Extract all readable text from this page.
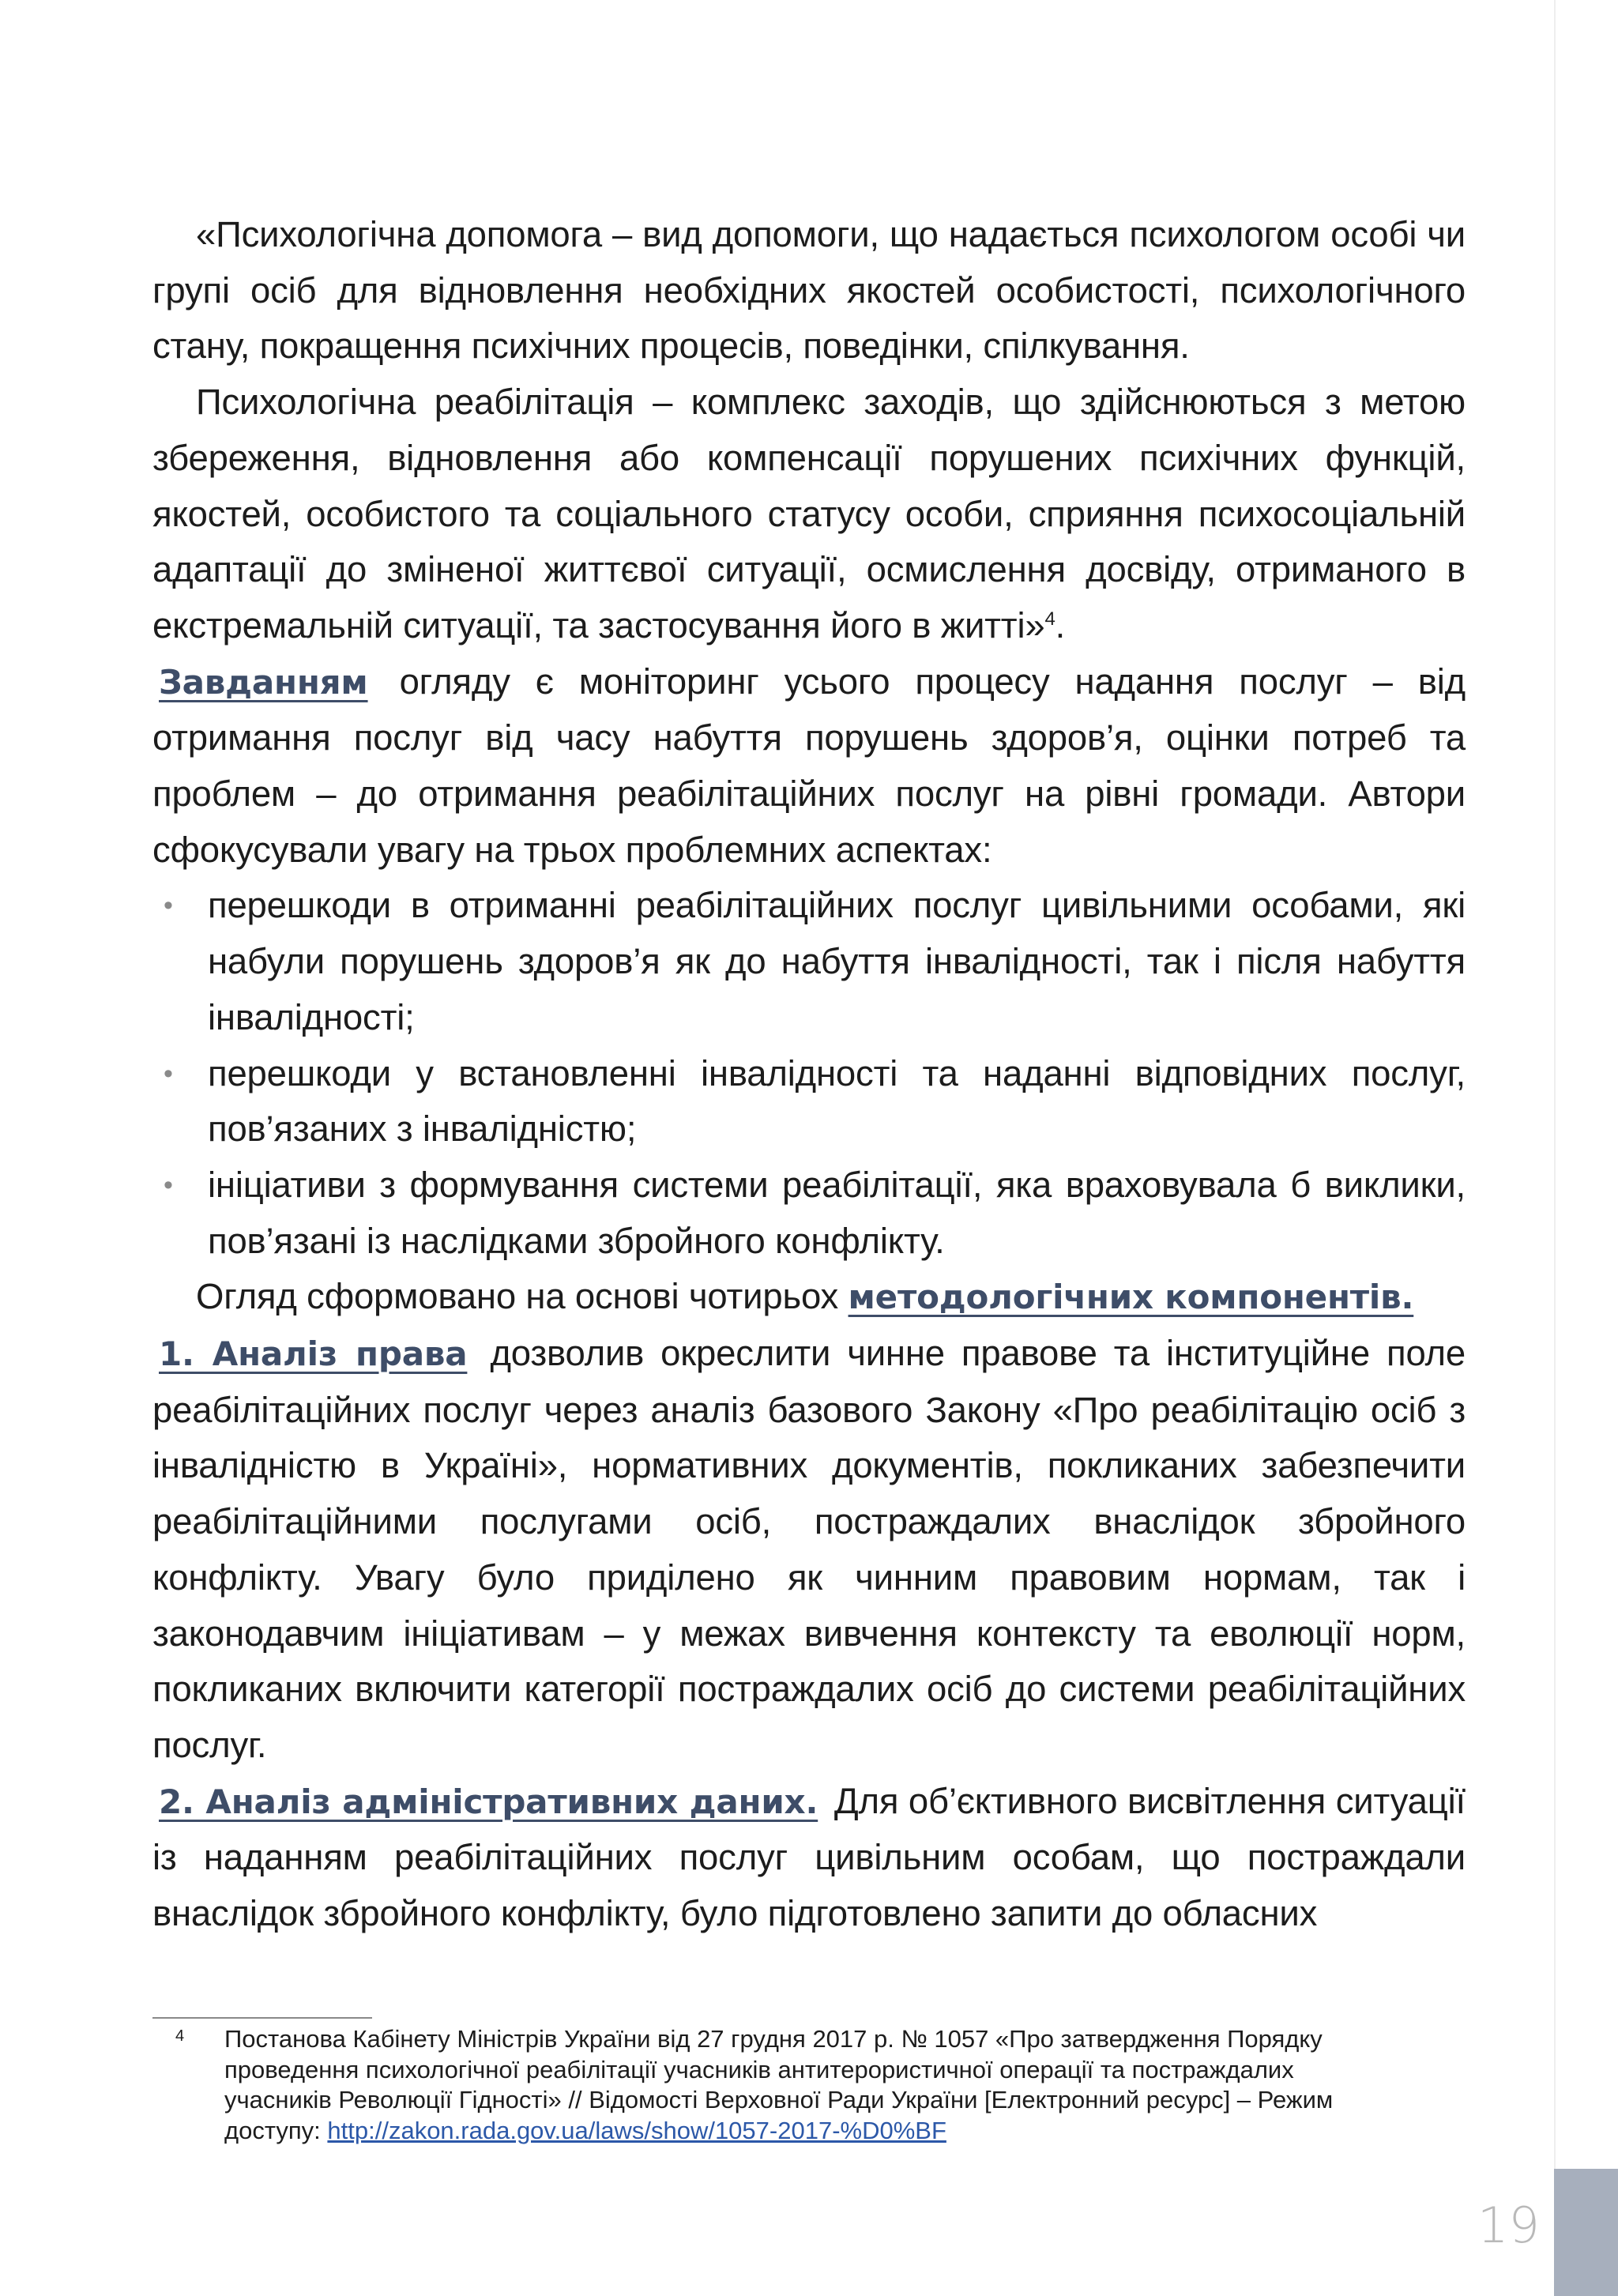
19

«Психологічна допомога – вид допомоги, що надається психологом особі чи групі осіб для відновлення необхідних якостей особистості, психологічного стану, покращення психічних процесів, поведінки, спілкування.

Психологічна реабілітація – комплекс заходів, що здійснюються з метою збереження, відновлення або компенсації порушених психічних функцій, якостей, особистого та соціального статусу особи, сприяння психосоціальній адаптації до зміненої життєвої ситуації, осмислення досвіду, отриманого в екстремальній ситуації, та застосування його в житті»$^4$.

Завданням огляду є моніторинг усього процесу надання послуг – від отримання послуг від часу набуття порушень здоров’я, оцінки потреб та проблем – до отримання реабілітаційних послуг на рівні громади. Автори сфокусували увагу на трьох проблемних аспектах:

• перешкоди в отриманні реабілітаційних послуг цивільними особами, які набули порушень здоров’я як до набуття інвалідності, так і після набуття інвалідності;
• перешкоди у встановленні інвалідності та наданні відповідних послуг, пов’язаних з інвалідністю;
• ініціативи з формування системи реабілітації, яка враховувала б виклики, пов’язані із наслідками збройного конфлікту.

Огляд сформовано на основі чотирьох методологічних компонентів.

1. Аналіз права дозволив окреслити чинне правове та інституційне поле реабілітаційних послуг через аналіз базового Закону «Про реабілітацію осіб з інвалідністю в Україні», нормативних документів, покликаних забезпечити реабілітаційними послугами осіб, постраждалих внаслідок збройного конфлікту. Увагу було приділено як чинним правовим нормам, так і законодавчим ініціативам – у межах вивчення контексту та еволюції норм, покликаних включити категорії постраждалих осіб до системи реабілітаційних послуг.

2. Аналіз адміністративних даних. Для об’єктивного висвітлення ситуації із наданням реабілітаційних послуг цивільним особам, що постраждали внаслідок збройного конфлікту, було підготовлено запити до обласних

4 Постанова Кабінету Міністрів України від 27 грудня 2017 р. № 1057 «Про затвердження Порядку проведення психологічної реабілітації учасників антитерористичної операції та постраждалих учасників Революції Гідності» // Відомості Верховної Ради України [Електронний ресурс] – Режим доступу: http://zakon.rada.gov.ua/laws/show/1057-2017-%D0%BF
